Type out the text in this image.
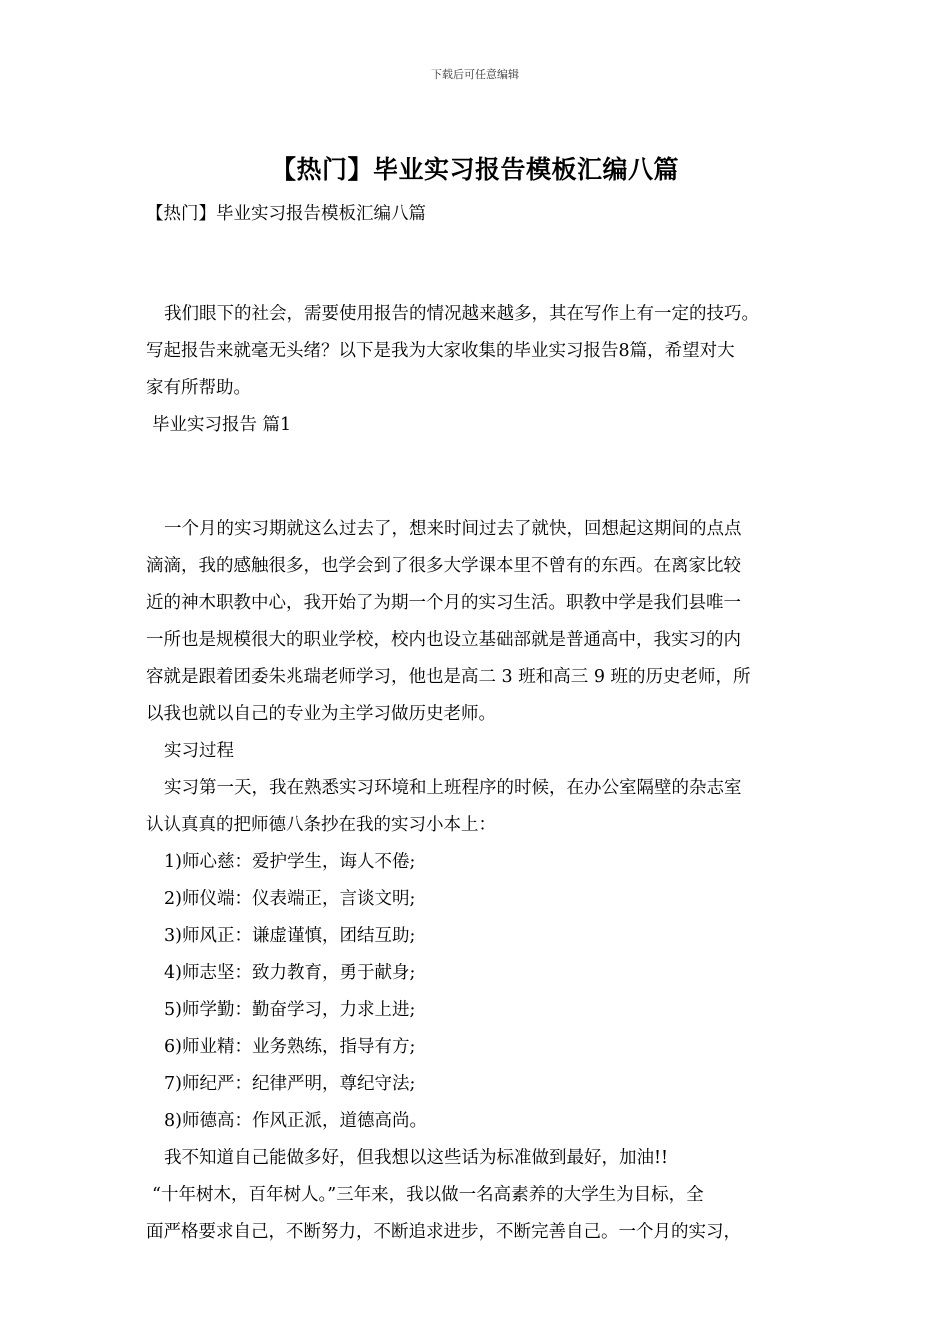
下载后可任意编辑
【热门】毕业实习报告模板汇编八篇
【热门】毕业实习报告模板汇编八篇
我们眼下的社会，需要使用报告的情况越来越多，其在写作上有一定的技巧。
写起报告来就毫无头绪？以下是我为大家收集的毕业实习报告8篇，希望对大
家有所帮助。
毕业实习报告 篇1
一个月的实习期就这么过去了，想来时间过去了就快，回想起这期间的点点
滴滴，我的感触很多，也学会到了很多大学课本里不曾有的东西。在离家比较
近的神木职教中心，我开始了为期一个月的实习生活。职教中学是我们县唯一
一所也是规模很大的职业学校，校内也设立基础部就是普通高中，我实习的内
容就是跟着团委朱兆瑞老师学习，他也是高二 3 班和高三 9 班的历史老师，所
以我也就以自己的专业为主学习做历史老师。
实习过程
实习第一天，我在熟悉实习环境和上班程序的时候，在办公室隔壁的杂志室
认认真真的把师德八条抄在我的实习小本上：
1)师心慈：爱护学生，诲人不倦;
2)师仪端：仪表端正，言谈文明;
3)师风正：谦虚谨慎，团结互助;
4)师志坚：致力教育，勇于献身;
5)师学勤：勤奋学习，力求上进;
6)师业精：业务熟练，指导有方;
7)师纪严：纪律严明，尊纪守法;
8)师德高：作风正派，道德高尚。
我不知道自己能做多好，但我想以这些话为标准做到最好，加油!!
“十年树木，百年树人。”三年来，我以做一名高素养的大学生为目标，全
面严格要求自己，不断努力，不断追求进步，不断完善自己。一个月的实习，
